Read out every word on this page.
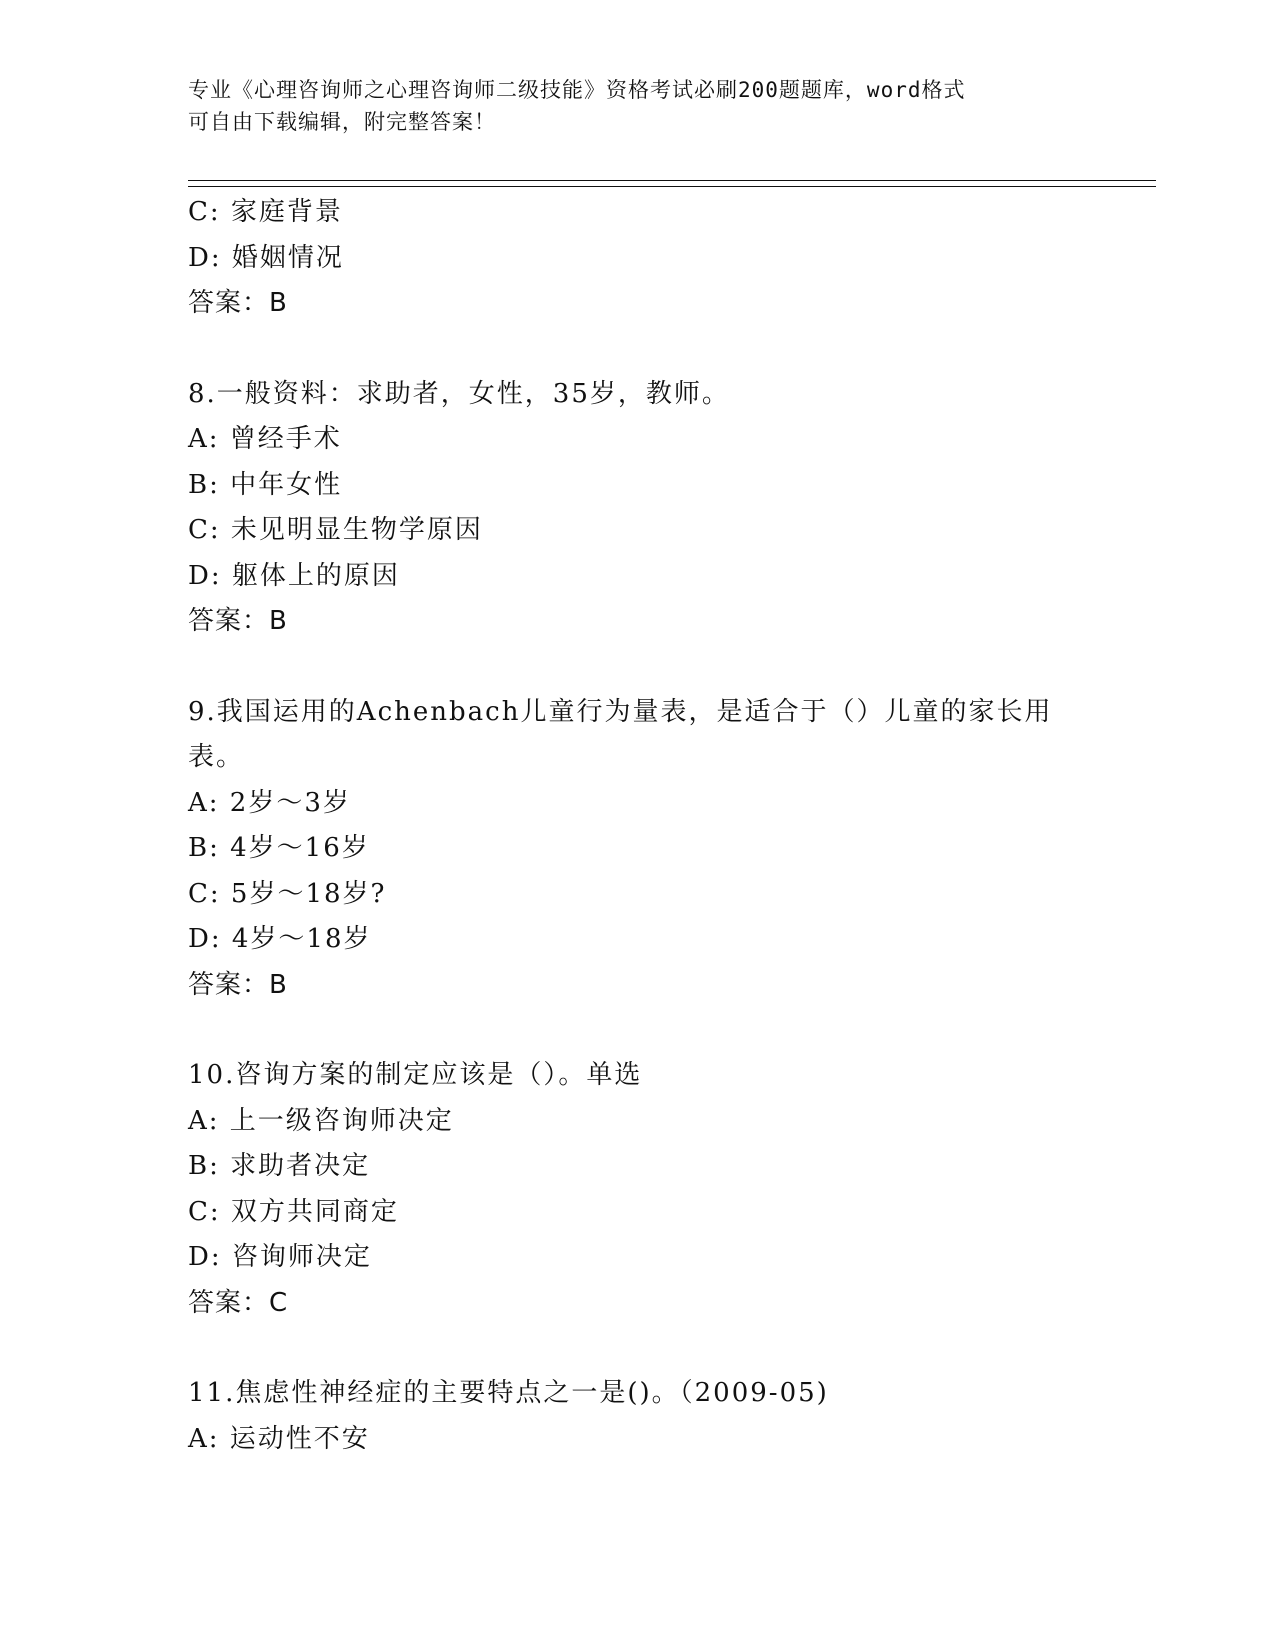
专业《心理咨询师之心理咨询师二级技能》资格考试必刷200题题库，word格式
可自由下载编辑，附完整答案！
C: 家庭背景
D: 婚姻情况
答案：B
8.一般资料：求助者，女性，35岁，教师。
A: 曾经手术
B: 中年女性
C: 未见明显生物学原因
D: 躯体上的原因
答案：B
9.我国运用的Achenbach儿童行为量表，是适合于（）儿童的家长用表。
A: 2岁～3岁
B: 4岁～16岁
C: 5岁～18岁?
D: 4岁～18岁
答案：B
10.咨询方案的制定应该是（）。单选
A: 上一级咨询师决定
B: 求助者决定
C: 双方共同商定
D: 咨询师决定
答案：C
11.焦虑性神经症的主要特点之一是()。（2009-05)
A: 运动性不安
